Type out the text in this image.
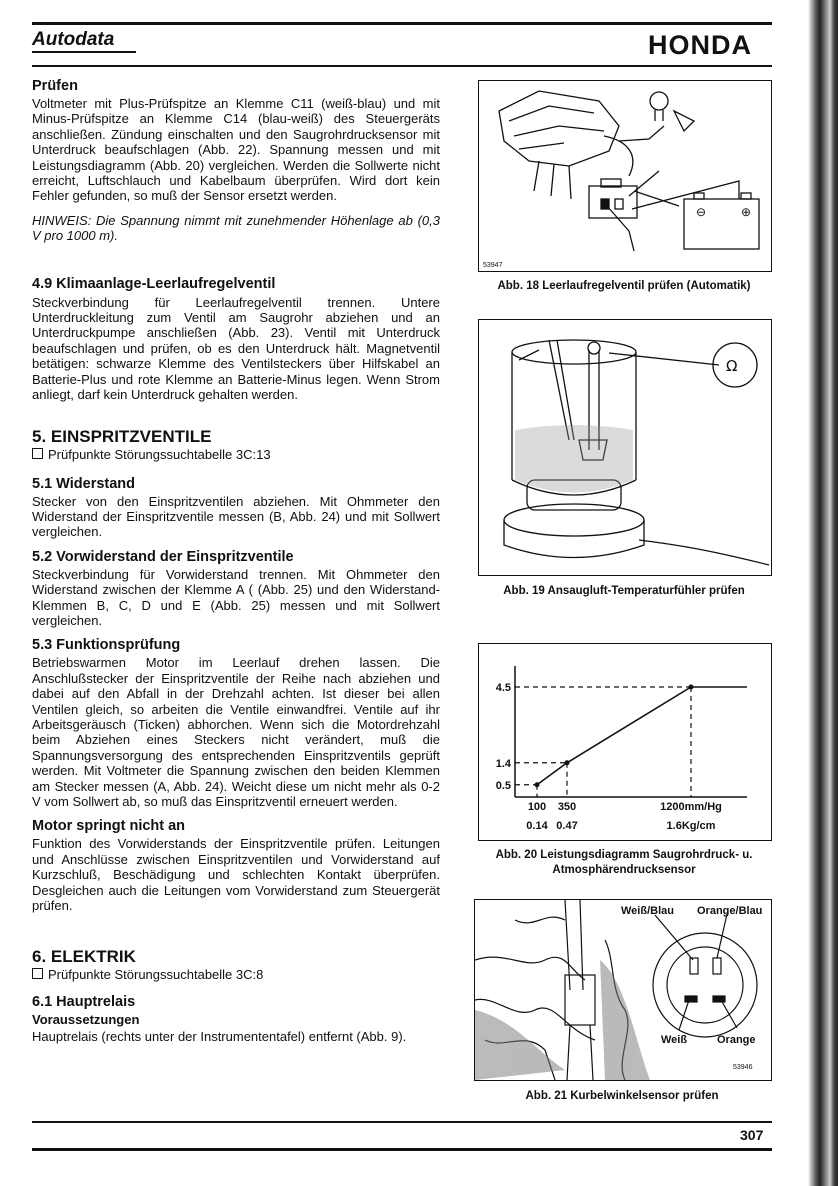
Autodata	HONDA
Prüfen

Voltmeter mit Plus-Prüfspitze an Klemme C11 (weiß-blau) und mit Minus-Prüfspitze an Klemme C14 (blau-weiß) des Steuergeräts anschließen. Zündung einschalten und den Saugrohrdrucksensor mit Unterdruck beaufschlagen (Abb. 22). Spannung messen und mit Leistungsdiagramm (Abb. 20) vergleichen. Werden die Sollwerte nicht erreicht, Luftschlauch und Kabelbaum überprüfen. Wird dort kein Fehler gefunden, so muß der Sensor ersetzt werden.

HINWEIS: Die Spannung nimmt mit zunehmender Höhenlage ab (0,3 V pro 1000 m).

4.9 Klimaanlage-Leerlaufregelventil

Steckverbindung für Leerlaufregelventil trennen. Untere Unterdruckleitung zum Ventil am Saugrohr abziehen und an Unterdruckpumpe anschließen (Abb. 23). Ventil mit Unterdruck beaufschlagen und prüfen, ob es den Unterdruck hält. Magnetventil betätigen: schwarze Klemme des Ventilsteckers über Hilfskabel an Batterie-Plus und rote Klemme an Batterie-Minus legen. Wenn Strom anliegt, darf kein Unterdruck gehalten werden.

5. EINSPRITZVENTILE
Prüfpunkte Störungssuchtabelle 3C:13
5.1 Widerstand

Stecker von den Einspritzventilen abziehen. Mit Ohmmeter den Widerstand der Einspritzventile messen (B, Abb. 24) und mit Sollwert vergleichen.

5.2 Vorwiderstand der Einspritzventile

Steckverbindung für Vorwiderstand trennen. Mit Ohmmeter den Widerstand zwischen der Klemme A ( (Abb. 25) und den Widerstand-Klemmen B, C, D und E (Abb. 25) messen und mit Sollwert vergleichen.

5.3 Funktionsprüfung

Betriebswarmen Motor im Leerlauf drehen lassen. Die Anschlußstecker der Einspritzventile der Reihe nach abziehen und dabei auf den Abfall in der Drehzahl achten. Ist dieser bei allen Ventilen gleich, so arbeiten die Ventile einwandfrei. Ventile auf ihr Arbeitsgeräusch (Ticken) abhorchen. Wenn sich die Motordrehzahl beim Abziehen eines Steckers nicht verändert, muß die Spannungsversorgung des entsprechenden Einspritzventils geprüft werden. Mit Voltmeter die Spannung zwischen den beiden Klemmen am Stecker messen (A, Abb. 24). Weicht diese um nicht mehr als 0-2 V vom Sollwert ab, so muß das Einspritzventil erneuert werden.

Motor springt nicht an

Funktion des Vorwiderstands der Einspritzventile prüfen. Leitungen und Anschlüsse zwischen Einspritzventilen und Vorwiderstand auf Kurzschluß, Beschädigung und schlechten Kontakt überprüfen. Desgleichen auch die Leitungen vom Vorwiderstand zum Steuergerät prüfen.

6. ELEKTRIK
Prüfpunkte Störungssuchtabelle 3C:8
6.1 Hauptrelais
Voraussetzungen

Hauptrelais (rechts unter der Instrumententafel) entfernt (Abb. 9).

⊖	⊕
53947
Abb. 18 Leerlaufregelventil prüfen (Automatik)
Ω
Abb. 19 Ansaugluft-Temperaturfühler prüfen
0.5
100
0.14
1.4
350
0.47
4.5
1200mm/Hg
1.6Kg/cm
Abb. 20 Leistungsdiagramm Saugrohrdruck- u.
Atmosphärendrucksensor
Weiß/Blau Orange/Blau
Weiß	Orange
53946
Abb. 21 Kurbelwinkelsensor prüfen
307
